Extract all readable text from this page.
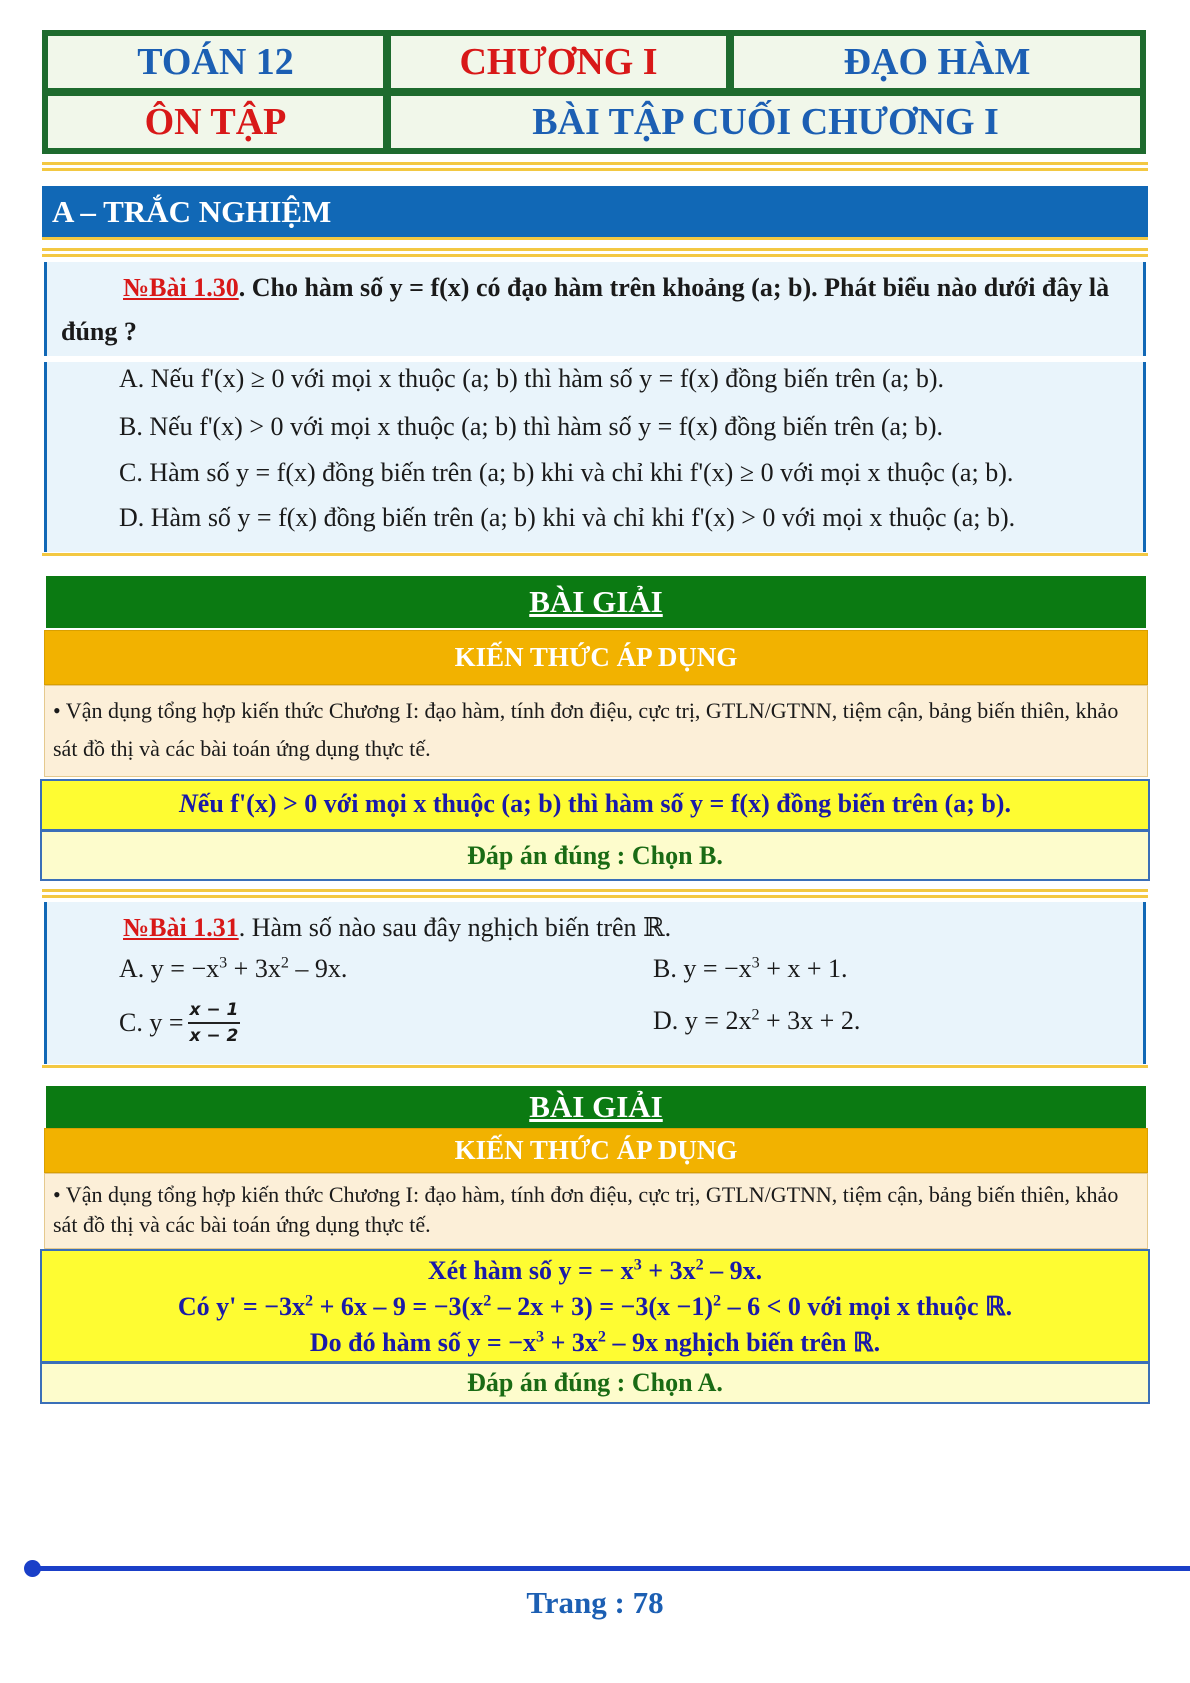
TOÁN 12	CHƯƠNG I	ĐẠO HÀM
ÔN TẬP	BÀI TẬP CUỐI CHƯƠNG I
A – TRẮC NGHIỆM
№Bài 1.30. Cho hàm số y = f(x) có đạo hàm trên khoảng (a; b). Phát biểu nào dưới đây là đúng ?
A. Nếu f'(x) ≥ 0 với mọi x thuộc (a; b) thì hàm số y = f(x) đồng biến trên (a; b).
B. Nếu f'(x) > 0 với mọi x thuộc (a; b) thì hàm số y = f(x) đồng biến trên (a; b).
C. Hàm số y = f(x) đồng biến trên (a; b) khi và chỉ khi f'(x) ≥ 0 với mọi x thuộc (a; b).
D. Hàm số y = f(x) đồng biến trên (a; b) khi và chỉ khi f'(x) > 0 với mọi x thuộc (a; b).
BÀI GIẢI
KIẾN THỨC ÁP DỤNG
• Vận dụng tổng hợp kiến thức Chương I: đạo hàm, tính đơn điệu, cực trị, GTLN/GTNN, tiệm cận, bảng biến thiên, khảo sát đồ thị và các bài toán ứng dụng thực tế.
Nếu f'(x) > 0 với mọi x thuộc (a; b) thì hàm số y = f(x) đồng biến trên (a; b).
Đáp án đúng : Chọn B.
№Bài 1.31. Hàm số nào sau đây nghịch biến trên ℝ.
A. $y = -x^3 + 3x^2 - 9x$.	B. $y = -x^3 + x + 1$.
C. $y = \frac{x - 1}{x - 2}$	D. $y = 2x^2 + 3x + 2$.
BÀI GIẢI
KIẾN THỨC ÁP DỤNG
• Vận dụng tổng hợp kiến thức Chương I: đạo hàm, tính đơn điệu, cực trị, GTLN/GTNN, tiệm cận, bảng biến thiên, khảo sát đồ thị và các bài toán ứng dụng thực tế.
Xét hàm số y = − $x^3 + 3x^2 - 9x$.
Có $y' = -3x^2 + 6x - 9 = -3(x^2 - 2x + 3) = -3(x -1)^2 - 6 < 0$ với mọi x thuộc ℝ.
Do đó hàm số $y = -x^3 + 3x^2 - 9x$ nghịch biến trên ℝ.
Đáp án đúng : Chọn A.
Trang : 78
